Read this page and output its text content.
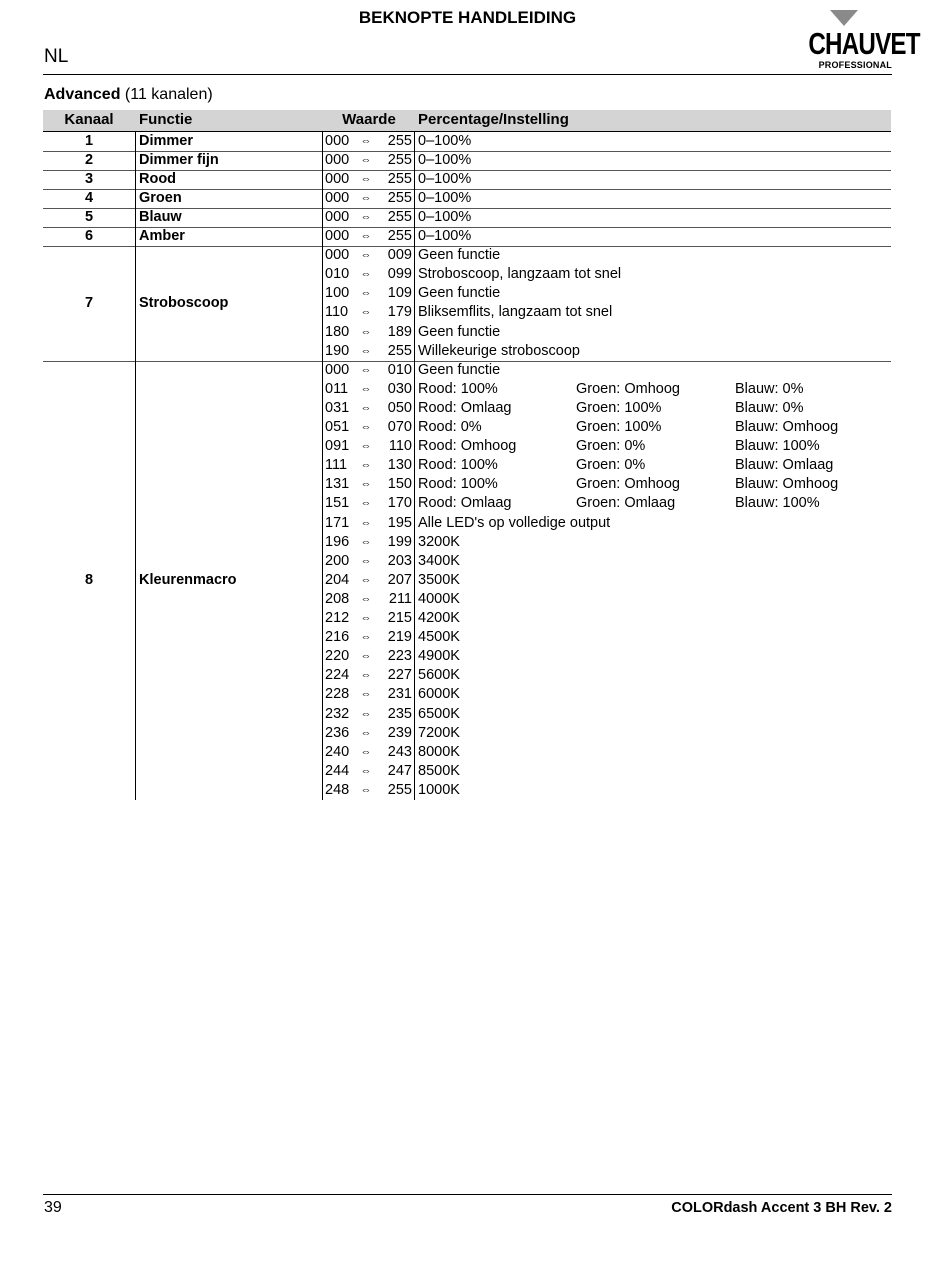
BEKNOPTE HANDLEIDING
NL	CHAUVET
PROFESSIONAL
Advanced (11 kanalen)
Kanaal	Functie	Waarde	Percentage/Instelling
1	Dimmer	000	⇔	255 0–100%
2	Dimmer fijn	000	⇔	255 0–100%
3	Rood	000	⇔	255 0–100%
4	Groen	000	⇔	255 0–100%
5	Blauw	000	⇔	255 0–100%
6	Amber	000	⇔	255 0–100%
7	Stroboscoop
000	⇔	009 Geen functie
010	⇔	099 Stroboscoop, langzaam tot snel
100	⇔	109 Geen functie
110	⇔	179 Bliksemflits, langzaam tot snel
180	⇔	189 Geen functie
190	⇔	255 Willekeurige stroboscoop
8	Kleurenmacro
000	⇔	010 Geen functie
011	⇔	030 Rood: 100%	Groen: Omhoog	Blauw: 0%
031	⇔	050 Rood: Omlaag	Groen: 100%	Blauw: 0%
051	⇔	070 Rood: 0%	Groen: 100%	Blauw: Omhoog
091	⇔	110 Rood: Omhoog	Groen: 0%	Blauw: 100%
111	⇔	130 Rood: 100%	Groen: 0%	Blauw: Omlaag
131	⇔	150 Rood: 100%	Groen: Omhoog	Blauw: Omhoog
151	⇔	170 Rood: Omlaag	Groen: Omlaag	Blauw: 100%
171	⇔	195 Alle LED's op volledige output
196	⇔	199 3200K
200	⇔	203 3400K
204	⇔	207 3500K
208	⇔	211 4000K
212	⇔	215 4200K
216	⇔	219 4500K
220	⇔	223 4900K
224	⇔	227 5600K
228	⇔	231 6000K
232	⇔	235 6500K
236	⇔	239 7200K
240	⇔	243 8000K
244	⇔	247 8500K
248	⇔	255 1000K
39	COLORdash Accent 3 BH Rev. 2
